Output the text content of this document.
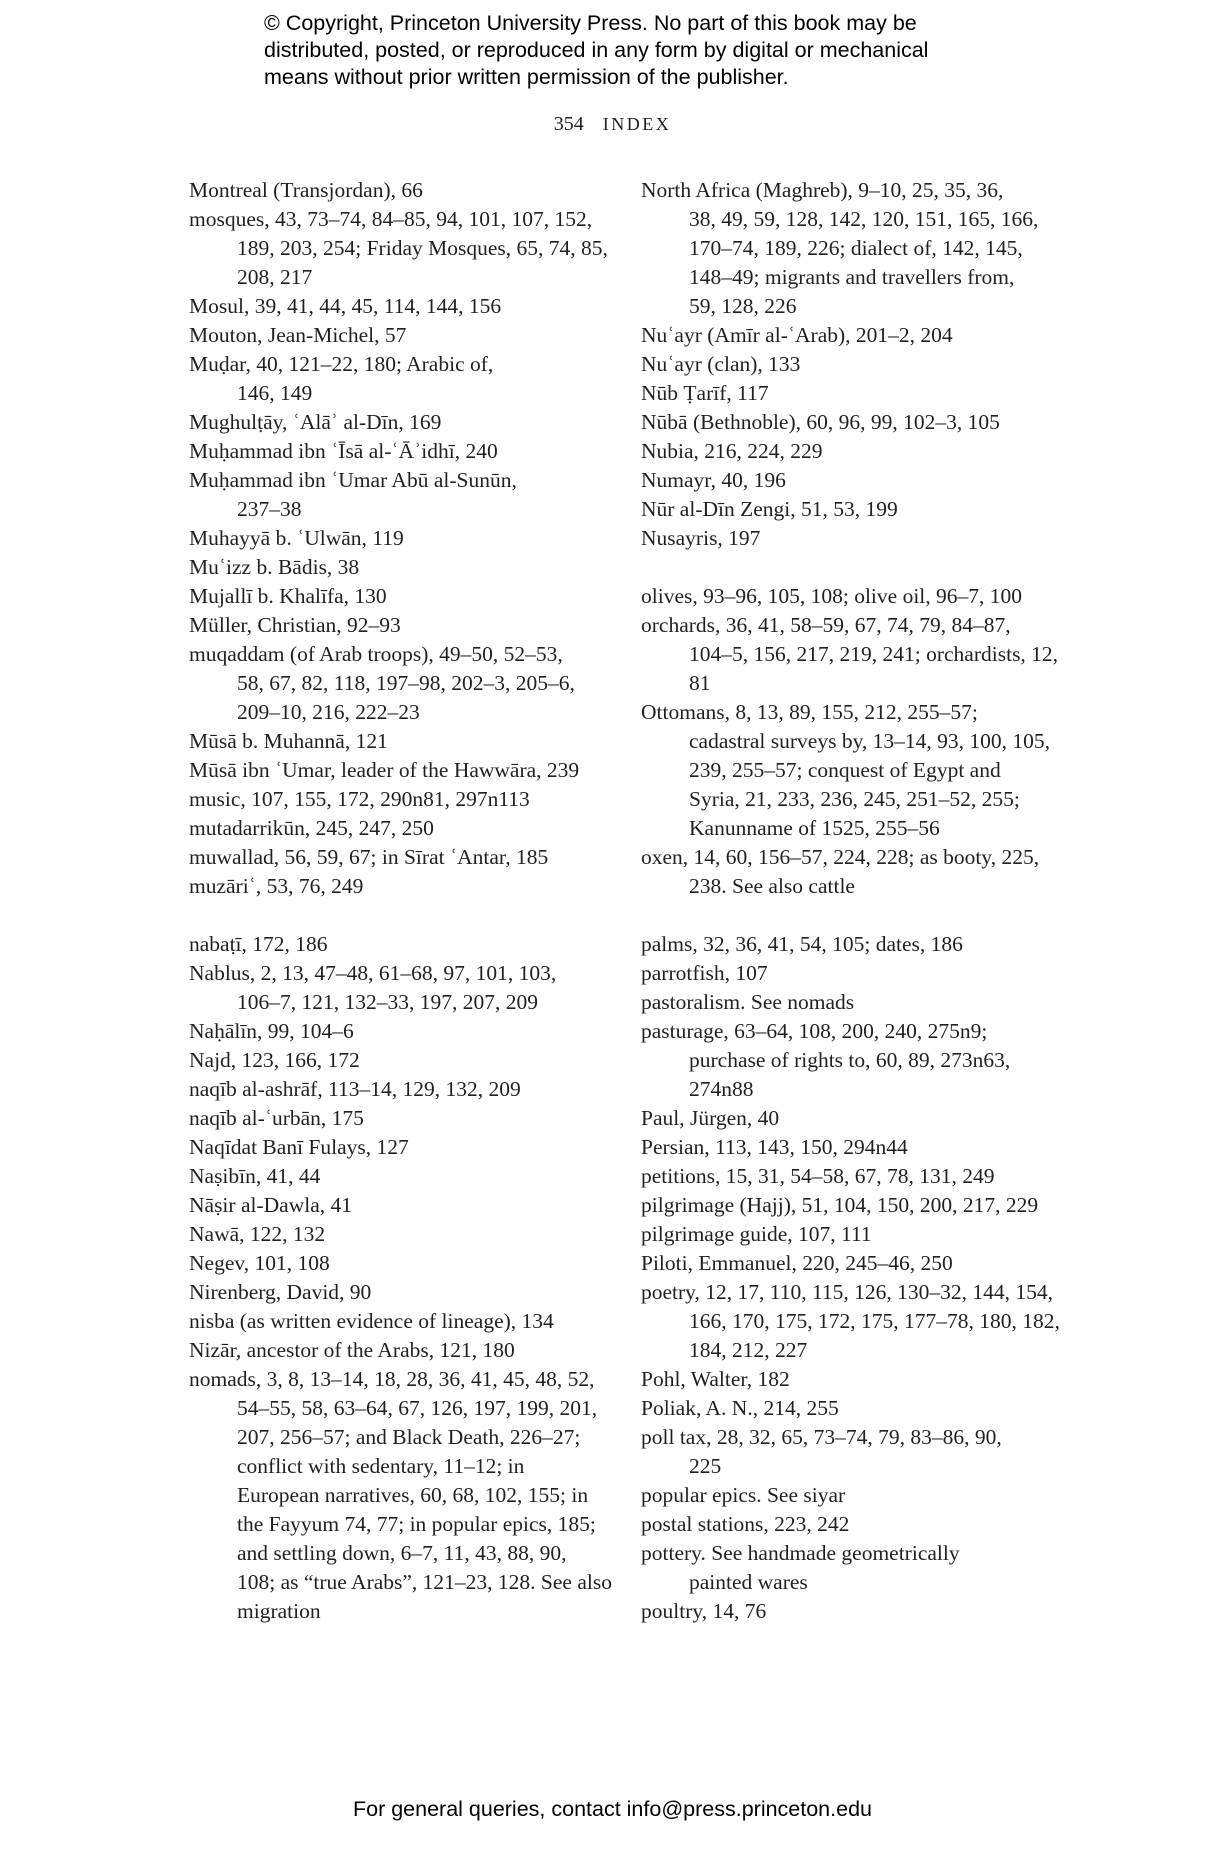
© Copyright, Princeton University Press. No part of this book may be
distributed, posted, or reproduced in any form by digital or mechanical
means without prior written permission of the publisher.
354 INDEX
Montreal (Transjordan), 66
mosques, 43, 73–74, 84–85, 94, 101, 107, 152,
189, 203, 254; Friday Mosques, 65, 74, 85,
208, 217
Mosul, 39, 41, 44, 45, 114, 144, 156
Mouton, Jean-Michel, 57
Muḍar, 40, 121–22, 180; Arabic of,
146, 149
Mughulṭāy, ʿAlāʾ al-Dīn, 169
Muḥammad ibn ʿĪsā al-ʿĀʾidhī, 240
Muḥammad ibn ʿUmar Abū al-Sunūn,
237–38
Muhayyā b. ʿUlwān, 119
Muʿizz b. Bādis, 38
Mujallī b. Khalīfa, 130
Müller, Christian, 92–93
muqaddam (of Arab troops), 49–50, 52–53,
58, 67, 82, 118, 197–98, 202–3, 205–6,
209–10, 216, 222–23
Mūsā b. Muhannā, 121
Mūsā ibn ʿUmar, leader of the Hawwāra, 239
music, 107, 155, 172, 290n81, 297n113
mutadarrikūn, 245, 247, 250
muwallad, 56, 59, 67; in Sīrat ʿAntar, 185
muzāriʿ, 53, 76, 249
nabaṭī, 172, 186
Nablus, 2, 13, 47–48, 61–68, 97, 101, 103,
106–7, 121, 132–33, 197, 207, 209
Naḥālīn, 99, 104–6
Najd, 123, 166, 172
naqīb al-ashrāf, 113–14, 129, 132, 209
naqīb al-ʿurbān, 175
Naqīdat Banī Fulays, 127
Naṣibīn, 41, 44
Nāṣir al-Dawla, 41
Nawā, 122, 132
Negev, 101, 108
Nirenberg, David, 90
nisba (as written evidence of lineage), 134
Nizār, ancestor of the Arabs, 121, 180
nomads, 3, 8, 13–14, 18, 28, 36, 41, 45, 48, 52,
54–55, 58, 63–64, 67, 126, 197, 199, 201,
207, 256–57; and Black Death, 226–27;
conflict with sedentary, 11–12; in
European narratives, 60, 68, 102, 155; in
the Fayyum 74, 77; in popular epics, 185;
and settling down, 6–7, 11, 43, 88, 90,
108; as “true Arabs”, 121–23, 128. See also
migration
North Africa (Maghreb), 9–10, 25, 35, 36,
38, 49, 59, 128, 142, 120, 151, 165, 166,
170–74, 189, 226; dialect of, 142, 145,
148–49; migrants and travellers from,
59, 128, 226
Nuʿayr (Amīr al-ʿArab), 201–2, 204
Nuʿayr (clan), 133
Nūb Ṭarīf, 117
Nūbā (Bethnoble), 60, 96, 99, 102–3, 105
Nubia, 216, 224, 229
Numayr, 40, 196
Nūr al-Dīn Zengi, 51, 53, 199
Nusayris, 197
olives, 93–96, 105, 108; olive oil, 96–7, 100
orchards, 36, 41, 58–59, 67, 74, 79, 84–87,
104–5, 156, 217, 219, 241; orchardists, 12,
81
Ottomans, 8, 13, 89, 155, 212, 255–57;
cadastral surveys by, 13–14, 93, 100, 105,
239, 255–57; conquest of Egypt and
Syria, 21, 233, 236, 245, 251–52, 255;
Kanunname of 1525, 255–56
oxen, 14, 60, 156–57, 224, 228; as booty, 225,
238. See also cattle
palms, 32, 36, 41, 54, 105; dates, 186
parrotfish, 107
pastoralism. See nomads
pasturage, 63–64, 108, 200, 240, 275n9;
purchase of rights to, 60, 89, 273n63,
274n88
Paul, Jürgen, 40
Persian, 113, 143, 150, 294n44
petitions, 15, 31, 54–58, 67, 78, 131, 249
pilgrimage (Hajj), 51, 104, 150, 200, 217, 229
pilgrimage guide, 107, 111
Piloti, Emmanuel, 220, 245–46, 250
poetry, 12, 17, 110, 115, 126, 130–32, 144, 154,
166, 170, 175, 172, 175, 177–78, 180, 182,
184, 212, 227
Pohl, Walter, 182
Poliak, A. N., 214, 255
poll tax, 28, 32, 65, 73–74, 79, 83–86, 90,
225
popular epics. See siyar
postal stations, 223, 242
pottery. See handmade geometrically
painted wares
poultry, 14, 76
For general queries, contact info@press.princeton.edu
